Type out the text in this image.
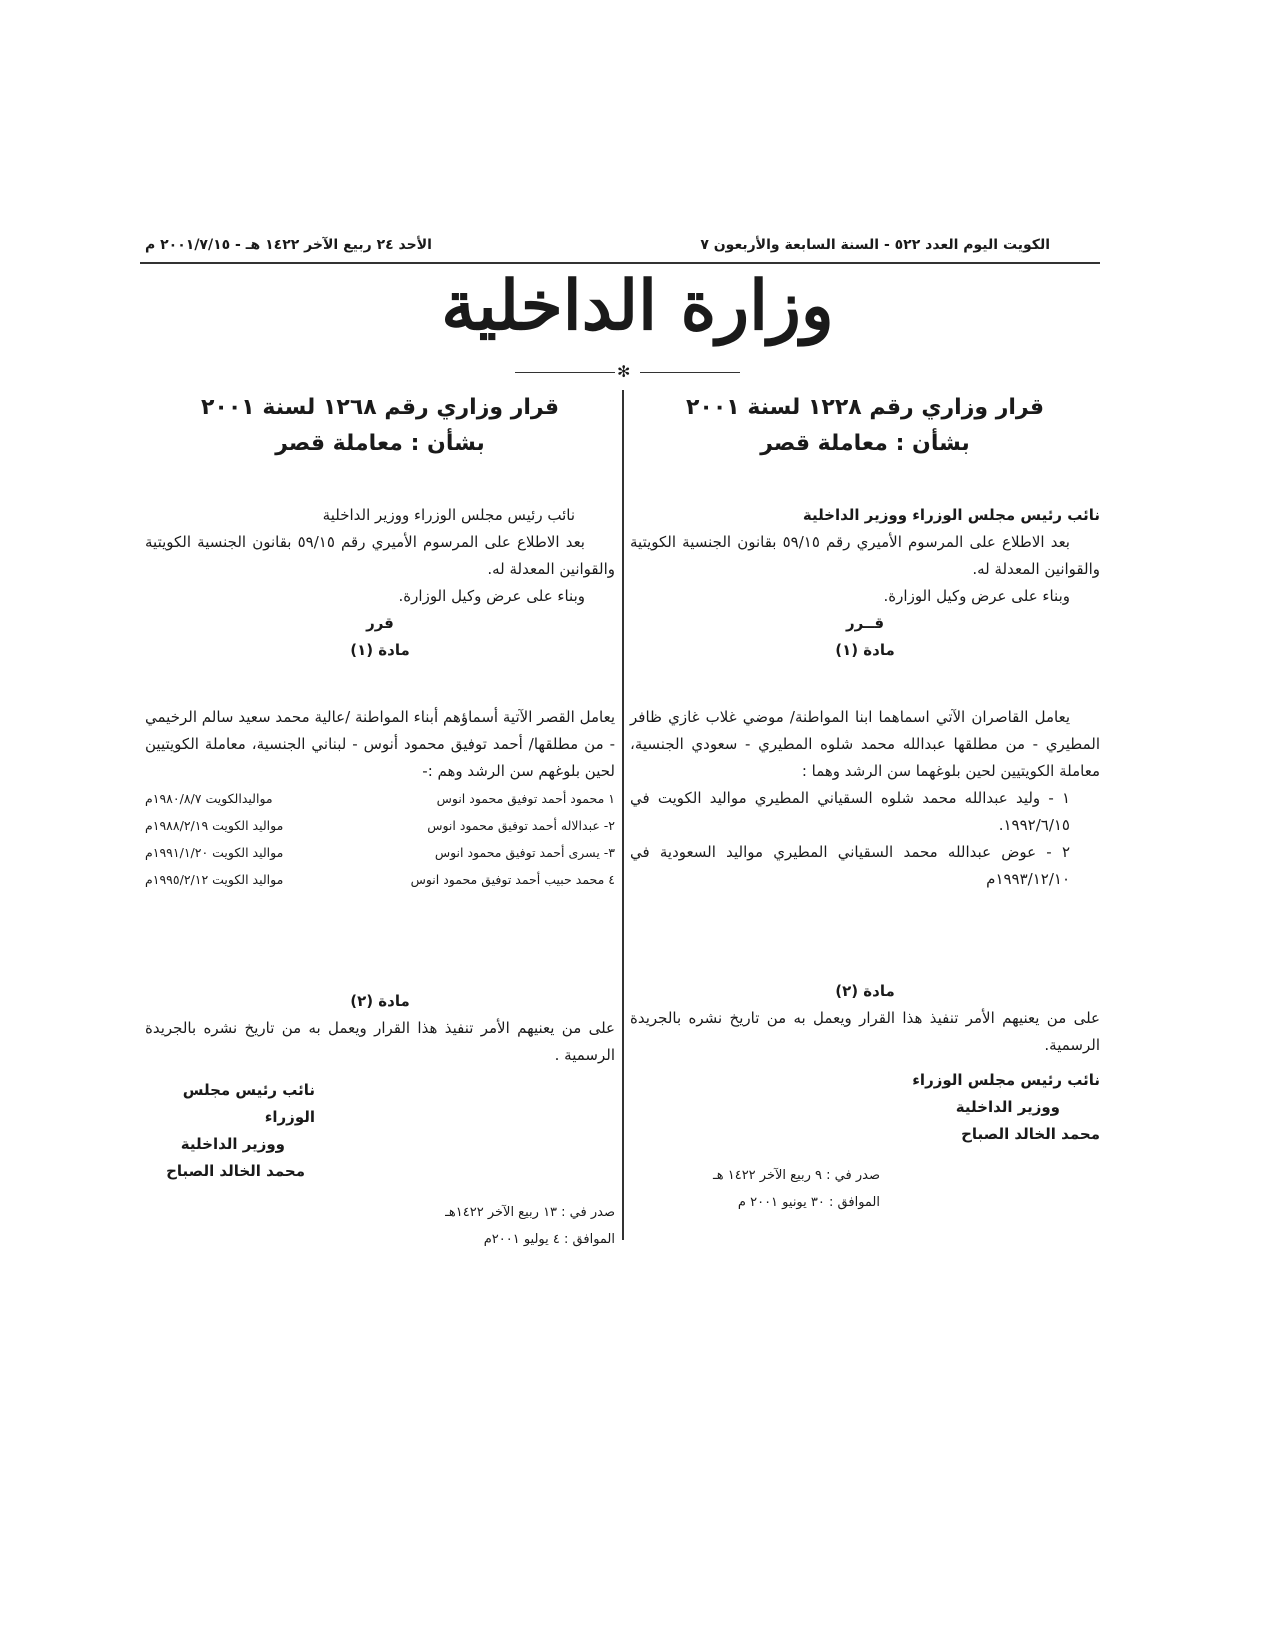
الكويت اليوم العدد ٥٢٢ - السنة السابعة والأربعون ٧
الأحد ٢٤ ربيع الآخر ١٤٢٢ هـ - ٢٠٠١/٧/١٥ م
وزارة الداخلية
✻
قرار وزاري رقم ١٢٢٨ لسنة ٢٠٠١
بشأن : معاملة قصر
نائب رئيس مجلس الوزراء ووزير الداخلية

بعد الاطلاع على المرسوم الأميري رقم ٥٩/١٥ بقانون الجنسية الكويتية والقوانين المعدلة له.

وبناء على عرض وكيل الوزارة.

قــرر
مادة (١)

يعامل القاصران الآتي اسماهما ابنا المواطنة/ موضي غلاب غازي ظافر المطيري - من مطلقها عبدالله محمد شلوه المطيري - سعودي الجنسية، معاملة الكويتيين لحين بلوغهما سن الرشد وهما :

١ - وليد عبدالله محمد شلوه السقياني المطيري مواليد الكويت في ١٩٩٢/٦/١٥.

٢ - عوض عبدالله محمد السقياني المطيري مواليد السعودية في ١٩٩٣/١٢/١٠م

مادة (٢)

على من يعنيهم الأمر تنفيذ هذا القرار ويعمل به من تاريخ نشره بالجريدة الرسمية.

نائب رئيس مجلس الوزراء
ووزير الداخلية
محمد الخالد الصباح
صدر في : ٩ ربيع الآخر ١٤٢٢ هـ
الموافق : ٣٠ يونيو ٢٠٠١ م
قرار وزاري رقم ١٢٦٨ لسنة ٢٠٠١
بشأن : معاملة قصر
نائب رئيس مجلس الوزراء ووزير الداخلية

بعد الاطلاع على المرسوم الأميري رقم ٥٩/١٥ بقانون الجنسية الكويتية والقوانين المعدلة له.

وبناء على عرض وكيل الوزارة.

قرر
مادة (١)

يعامل القصر الآتية أسماؤهم أبناء المواطنة /عالية محمد سعيد سالم الرخيمي - من مطلقها/ أحمد توفيق محمود أنوس - لبناني الجنسية، معاملة الكويتيين لحين بلوغهم سن الرشد وهم :-

١ محمود أحمد توفيق محمود انوس
مواليدالكويت ١٩٨٠/٨/٧م
٢- عبدالاله أحمد توفيق محمود انوس
مواليد الكويت ١٩٨٨/٢/١٩م
٣- يسرى أحمد توفيق محمود انوس
مواليد الكويت ١٩٩١/١/٢٠م
٤ محمد حبيب أحمد توفيق محمود انوس
مواليد الكويت ١٩٩٥/٢/١٢م
مادة (٢)

على من يعنيهم الأمر تنفيذ هذا القرار ويعمل به من تاريخ نشره بالجريدة الرسمية .

نائب رئيس مجلس الوزراء
ووزير الداخلية
محمد الخالد الصباح
صدر في : ١٣ ربيع الآخر ١٤٢٢هـ
الموافق : ٤ يوليو ٢٠٠١م
